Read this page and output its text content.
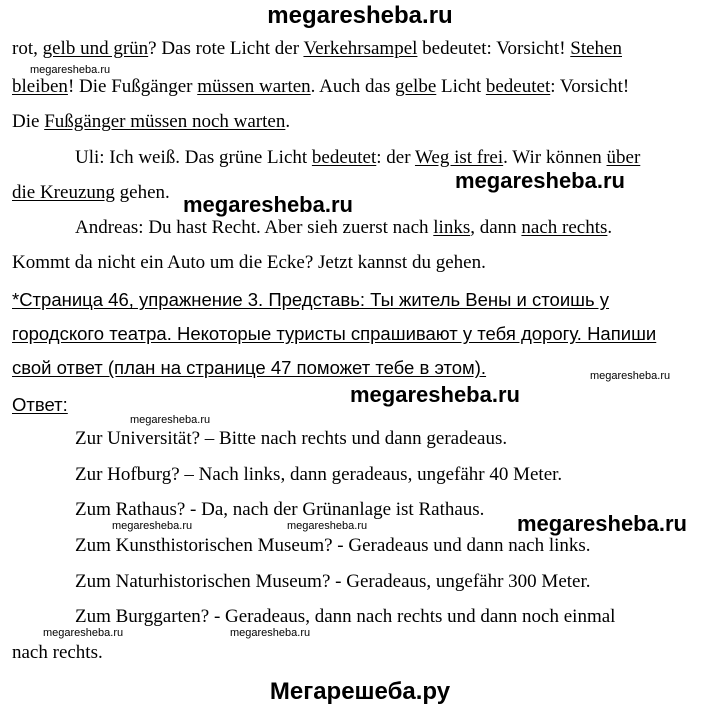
megaresheba.ru
rot, gelb und grün? Das rote Licht der Verkehrsampel bedeutet: Vorsicht! Stehen
megaresheba.ru
bleiben! Die Fußgänger müssen warten. Auch das gelbe Licht bedeutet: Vorsicht!
Die Fußgänger müssen noch warten.
Uli: Ich weiß. Das grüne Licht bedeutet: der Weg ist frei. Wir können über
die Kreuzung gehen. megaresheba.ru
megaresheba.ru
Andreas: Du hast Recht. Aber sieh zuerst nach links, dann nach rechts.
Kommt da nicht ein Auto um die Ecke? Jetzt kannst du gehen.
*Страница 46, упражнение 3. Представь: Ты житель Вены и стоишь у
городского театра. Некоторые туристы спрашивают у тебя дорогу. Напиши
свой ответ (план на странице 47 поможет тебе в этом).
megaresheba.ru
megaresheba.ru
Ответ:
megaresheba.ru
Zur Universität? – Bitte nach rechts und dann geradeaus.
Zur Hofburg? – Nach links, dann geradeaus, ungefähr 40 Meter.
Zum Rathaus? - Da, nach der Grünanlage ist Rathaus.
megaresheba.ru	megaresheba.ru	megaresheba.ru
Zum Kunsthistorischen Museum? - Geradeaus und dann nach links.
Zum Naturhistorischen Museum? - Geradeaus, ungefähr 300 Meter.
Zum Burggarten? - Geradeaus, dann nach rechts und dann noch einmal
megaresheba.ru	megaresheba.ru
nach rechts.
Мегарешеба.ру
